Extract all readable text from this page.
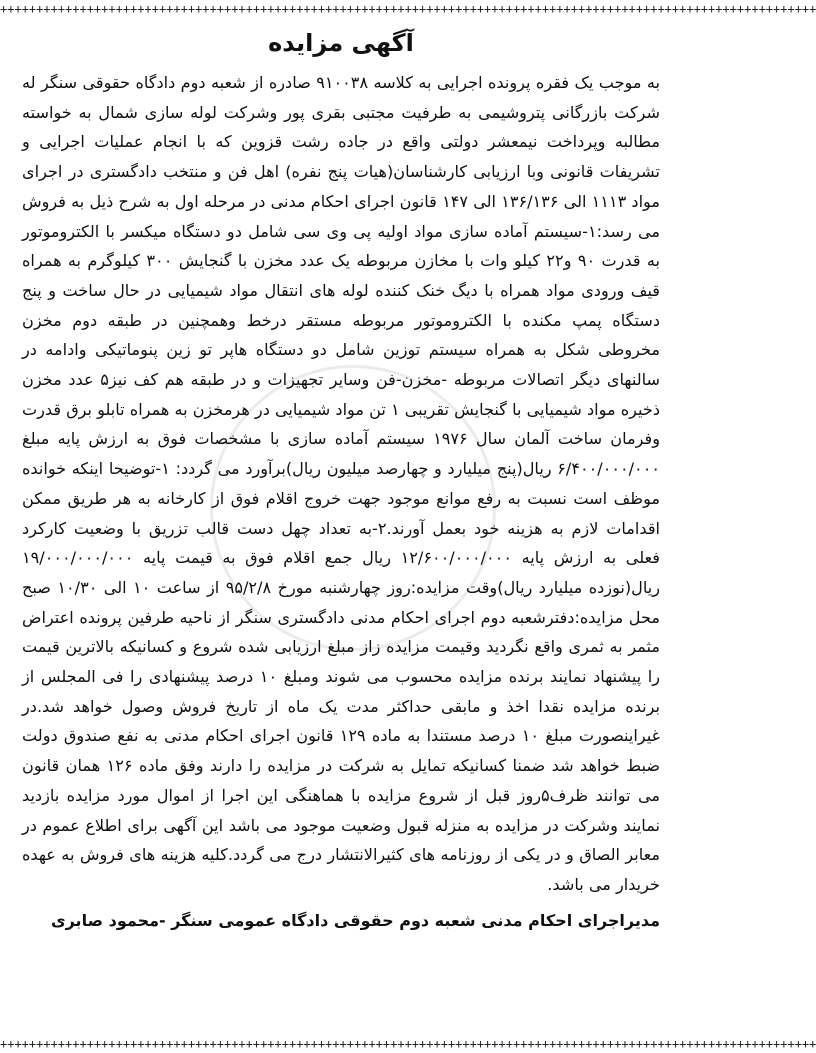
+++++++++++++++++++++++++++++++++++++++++++++++++++++++++++++++++++++++++++++++++++++++++++++++++++++++++++++++++
آگهی مزایده

به موجب یک فقره پرونده اجرایی به کلاسه ۹۱۰۰۳۸ صادره از شعبه دوم دادگاه حقوقی سنگر له شرکت بازرگانی پتروشیمی به طرفیت مجتبی بقری پور وشرکت لوله سازی شمال به خواسته مطالبه وپرداخت نیمعشر دولتی واقع در جاده رشت قزوین که با انجام عملیات اجرایی و تشریفات قانونی وبا ارزیابی کارشناسان(هیات پنج نفره) اهل فن و منتخب دادگستری در اجرای مواد ۱۱۱۳ الی ۱۳۶/۱۳۶ الی ۱۴۷ قانون اجرای احکام مدنی در مرحله اول به شرح ذیل به فروش می رسد:۱-سیستم آماده سازی مواد اولیه پی وی سی شامل دو دستگاه میکسر با الکتروموتور به قدرت ۹۰ و۲۲ کیلو وات با مخازن مربوطه یک عدد مخزن با گنجایش ۳۰۰ کیلوگرم به همراه قیف ورودی مواد همراه با دیگ خنک کننده لوله های انتقال مواد شیمیایی در حال ساخت و پنج دستگاه پمپ مکنده با الکتروموتور مربوطه مستقر درخط وهمچنین در طبقه دوم مخزن مخروطی شکل به همراه سیستم توزین شامل دو دستگاه هاپر تو زین پنوماتیکی وادامه در سالنهای دیگر اتصالات مربوطه -مخزن-فن وسایر تجهیزات و در طبقه هم کف نیز۵ عدد مخزن ذخیره مواد شیمیایی با گنجایش تقریبی ۱ تن مواد شیمیایی در هرمخزن به همراه تابلو برق قدرت وفرمان ساخت آلمان سال ۱۹۷۶ سیستم آماده سازی با مشخصات فوق به ارزش پایه مبلغ ۶/۴۰۰/۰۰۰/۰۰۰ ریال(پنج میلیارد و چهارصد میلیون ریال)برآورد می گردد: ۱-توضیحا اینکه خوانده موظف است نسبت به رفع موانع موجود جهت خروج اقلام فوق از کارخانه به هر طریق ممکن اقدامات لازم به هزینه خود بعمل آورند.۲-به تعداد چهل دست قالب تزریق با وضعیت کارکرد فعلی به ارزش پایه ۱۲/۶۰۰/۰۰۰/۰۰۰ ریال جمع اقلام فوق به قیمت پایه ۱۹/۰۰۰/۰۰۰/۰۰۰ ریال(نوزده میلیارد ریال)وقت مزایده:روز چهارشنبه مورخ ۹۵/۲/۸ از ساعت ۱۰ الی ۱۰/۳۰ صبح محل مزایده:دفترشعبه دوم اجرای احکام مدنی دادگستری سنگر از ناحیه طرفین پرونده اعتراض مثمر به ثمری واقع نگردید وقیمت مزایده زاز مبلغ ارزیابی شده شروع و کسانیکه بالاترین قیمت را پیشنهاد نمایند برنده مزایده محسوب می شوند ومبلغ ۱۰ درصد پیشنهادی را فی المجلس از برنده مزایده نقدا اخذ و مابقی حداکثر مدت یک ماه از تاریخ فروش وصول خواهد شد.در غیراینصورت مبلغ ۱۰ درصد مستندا به ماده ۱۲۹ قانون اجرای احکام مدنی به نفع صندوق دولت ضبط خواهد شد ضمنا کسانیکه تمایل به شرکت در مزایده را دارند وفق ماده ۱۲۶ همان قانون می توانند ظرف۵روز قبل از شروع مزایده با هماهنگی این اجرا از اموال مورد مزایده بازدید نمایند وشرکت در مزایده به منزله قبول وضعیت موجود می باشد این آگهی برای اطلاع عموم در معابر الصاق و در یکی از روزنامه های کثیرالانتشار درج می گردد.کلیه هزینه های فروش به عهده خریدار می باشد.

مدیراجرای احکام مدنی شعبه دوم حقوقی دادگاه عمومی سنگر -محمود صابری
+++++++++++++++++++++++++++++++++++++++++++++++++++++++++++++++++++++++++++++++++++++++++++++++++++++++++++++++++
